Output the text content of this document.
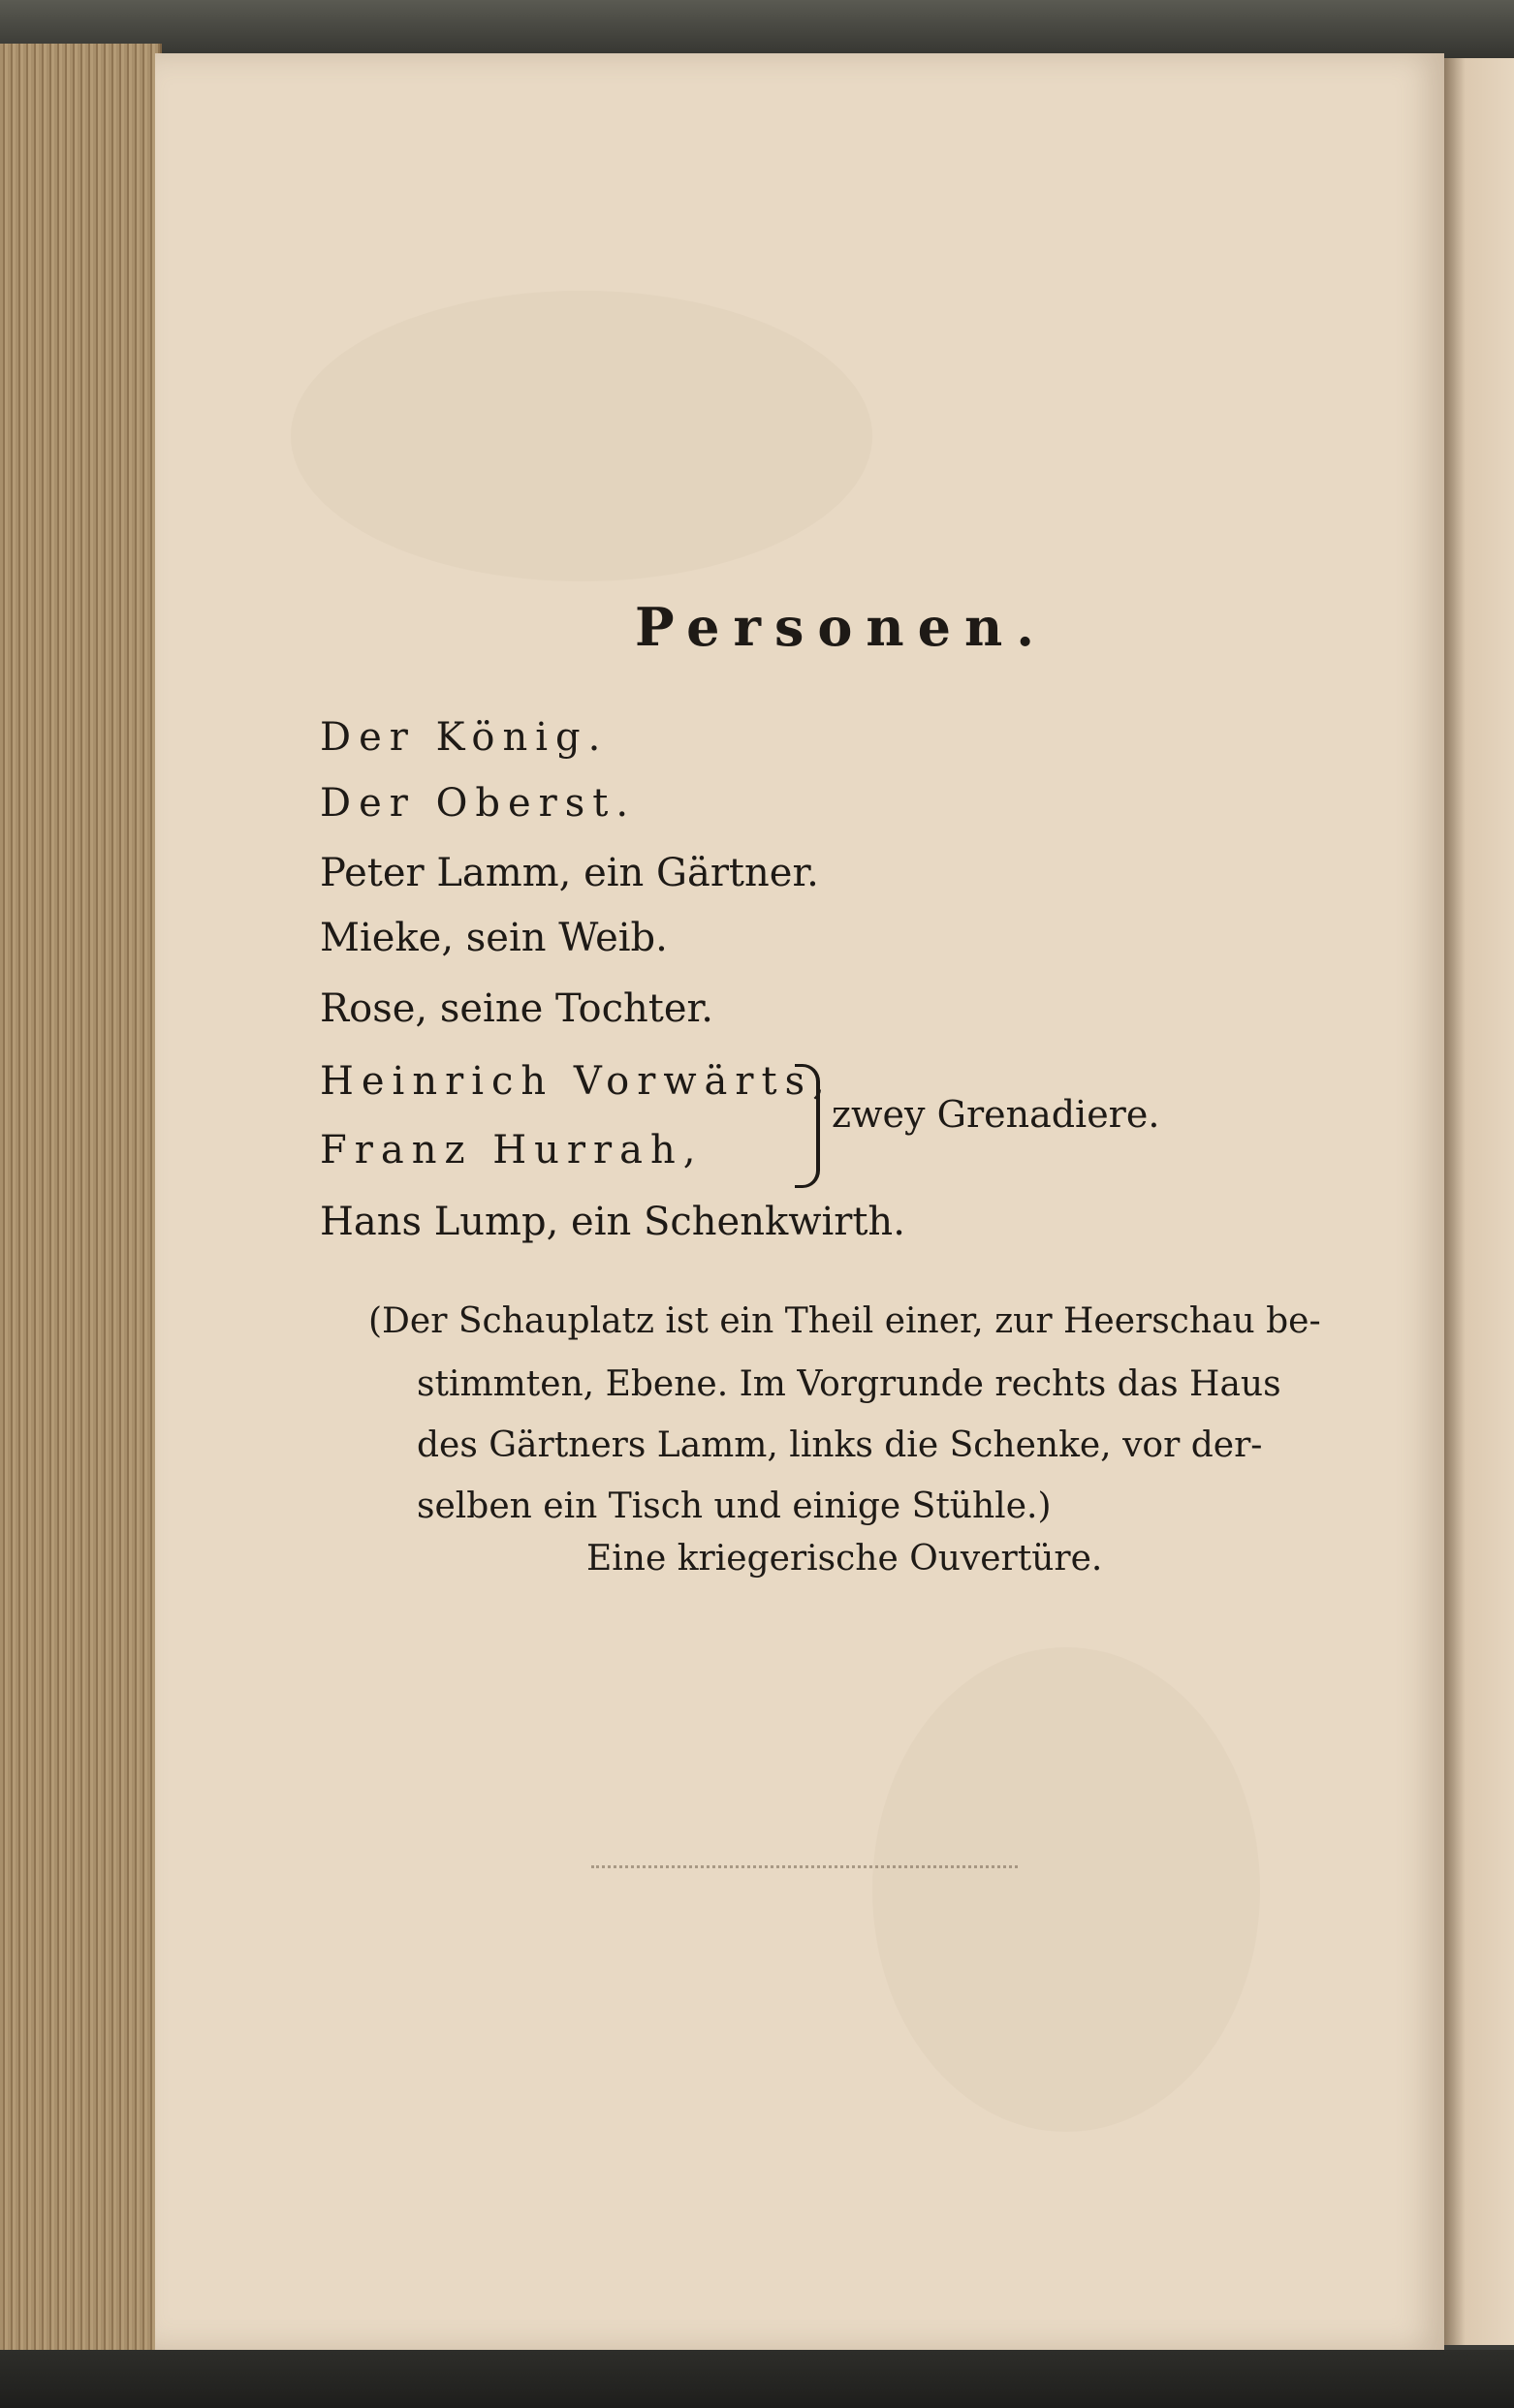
Personen.
Der König.
Der Oberst.
Peter Lamm, ein Gärtner.
Mieke, sein Weib.
Rose, seine Tochter.
Heinrich Vorwärts,
Franz Hurrah,
zwey Grenadiere.
Hans Lump, ein Schenkwirth.
(Der Schauplatz ist ein Theil einer, zur Heerschau be-
stimmten, Ebene. Im Vorgrunde rechts das Haus
des Gärtners Lamm, links die Schenke, vor der-
selben ein Tisch und einige Stühle.)
Eine kriegerische Ouvertüre.
